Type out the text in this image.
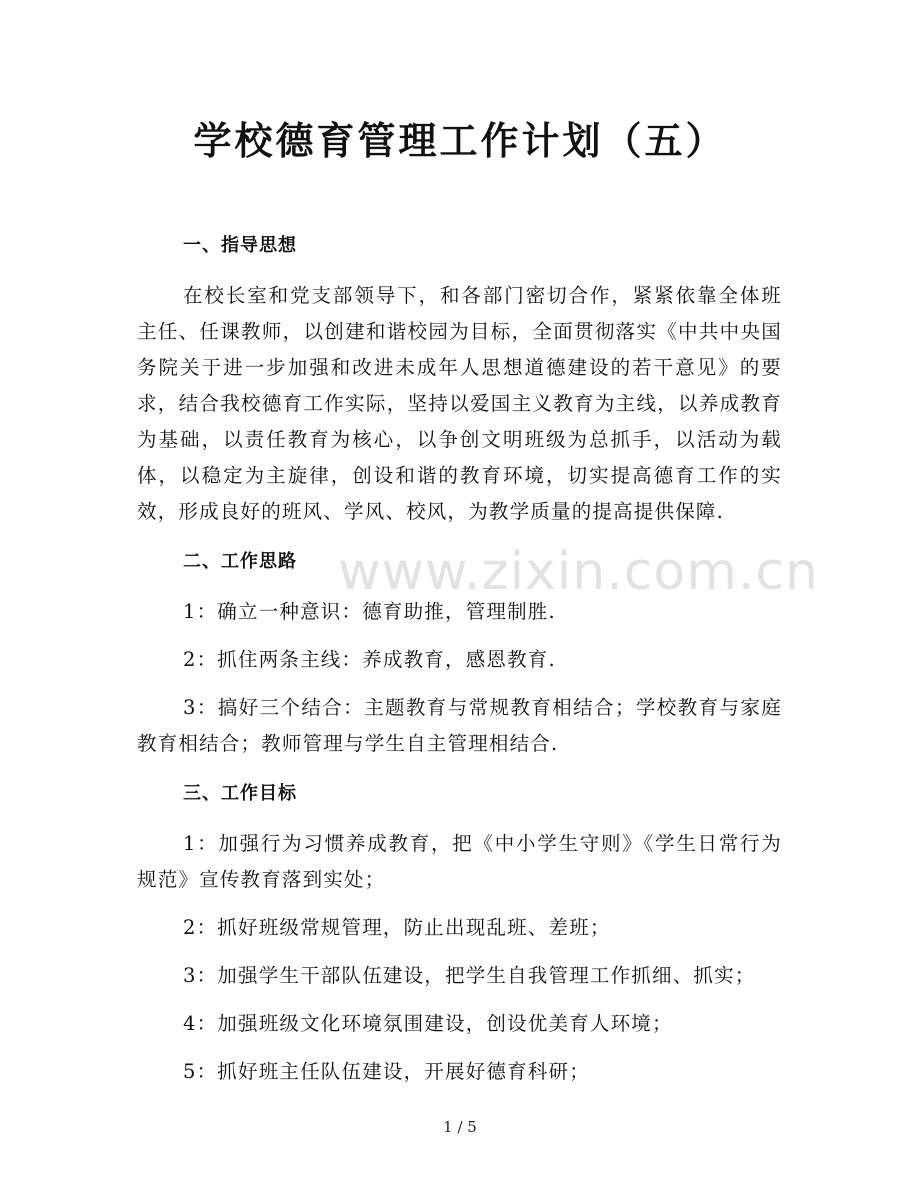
学校德育管理工作计划（五）
一、指导思想
在校长室和党支部领导下，和各部门密切合作，紧紧依靠全体班主任、任课教师，以创建和谐校园为目标，全面贯彻落实《中共中央国务院关于进一步加强和改进未成年人思想道德建设的若干意见》的要求，结合我校德育工作实际，坚持以爱国主义教育为主线，以养成教育为基础，以责任教育为核心，以争创文明班级为总抓手，以活动为载体，以稳定为主旋律，创设和谐的教育环境，切实提高德育工作的实效，形成良好的班风、学风、校风，为教学质量的提高提供保障.
二、工作思路
1：确立一种意识：德育助推，管理制胜.
2：抓住两条主线：养成教育，感恩教育.
3：搞好三个结合：主题教育与常规教育相结合；学校教育与家庭教育相结合；教师管理与学生自主管理相结合.
三、工作目标
1：加强行为习惯养成教育，把《中小学生守则》《学生日常行为规范》宣传教育落到实处；
2：抓好班级常规管理，防止出现乱班、差班；
3：加强学生干部队伍建设，把学生自我管理工作抓细、抓实；
4：加强班级文化环境氛围建设，创设优美育人环境；
5：抓好班主任队伍建设，开展好德育科研；
www.zixin.com.cn
1 / 5
